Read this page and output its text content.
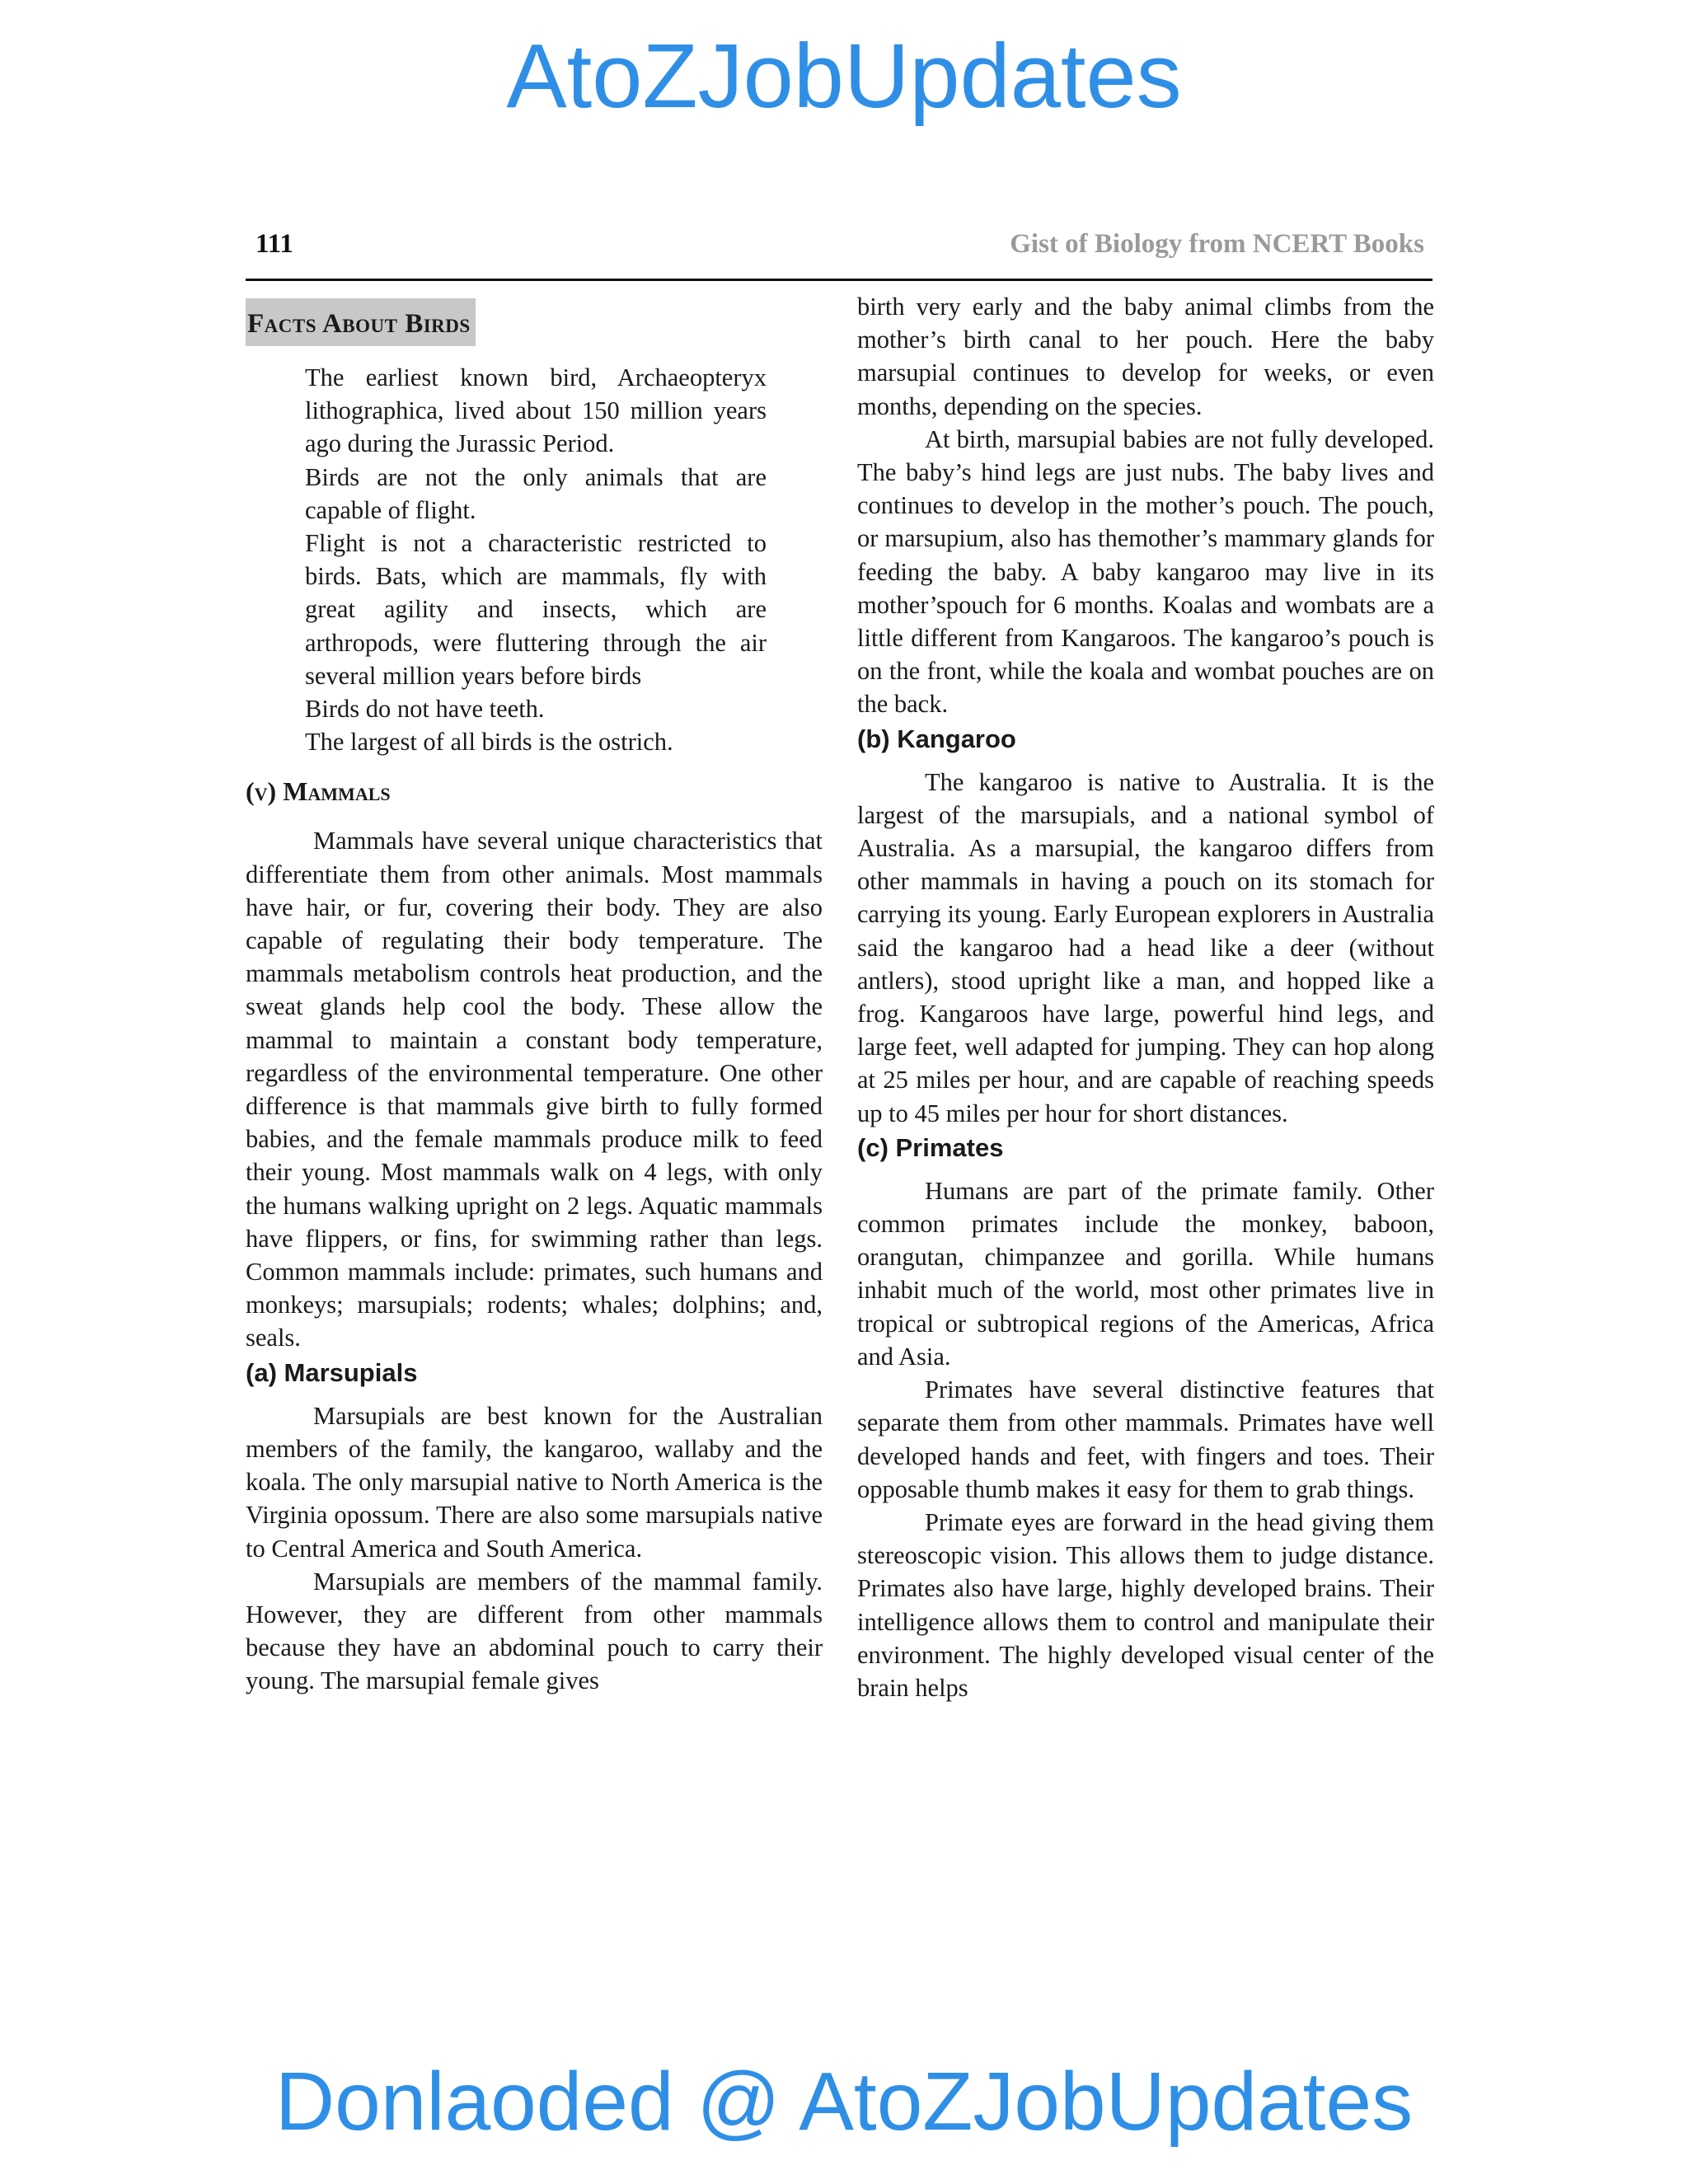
AtoZJobUpdates
111	Gist of Biology from NCERT Books
Facts About Birds
The earliest known bird, Archaeopteryx lithographica, lived about 150 million years ago during the Jurassic Period.
Birds are not the only animals that are capable of flight.
Flight is not a characteristic restricted to birds. Bats, which are mammals, fly with great agility and insects, which are arthropods, were fluttering through the air several million years before birds
Birds do not have teeth.
The largest of all birds is the ostrich.
(v) Mammals

Mammals have several unique characteristics that differentiate them from other animals. Most mammals have hair, or fur, covering their body. They are also capable of regulating their body temperature. The mammals metabolism controls heat production, and the sweat glands help cool the body. These allow the mammal to maintain a constant body temperature, regardless of the environmental temperature. One other difference is that mammals give birth to fully formed babies, and the female mammals produce milk to feed their young. Most mammals walk on 4 legs, with only the humans walking upright on 2 legs. Aquatic mammals have flippers, or fins, for swimming rather than legs. Common mammals include: primates, such humans and monkeys; marsupials; rodents; whales; dolphins; and, seals.

(a) Marsupials

Marsupials are best known for the Australian members of the family, the kangaroo, wallaby and the koala. The only marsupial native to North America is the Virginia opossum. There are also some marsupials native to Central America and South America.

Marsupials are members of the mammal family. However, they are different from other mammals because they have an abdominal pouch to carry their young. The marsupial female gives

birth very early and the baby animal climbs from the mother’s birth canal to her pouch. Here the baby marsupial continues to develop for weeks, or even months, depending on the species.

At birth, marsupial babies are not fully developed. The baby’s hind legs are just nubs. The baby lives and continues to develop in the mother’s pouch. The pouch, or marsupium, also has themother’s mammary glands for feeding the baby. A baby kangaroo may live in its mother’spouch for 6 months. Koalas and wombats are a little different from Kangaroos. The kangaroo’s pouch is on the front, while the koala and wombat pouches are on the back.

(b) Kangaroo

The kangaroo is native to Australia. It is the largest of the marsupials, and a national symbol of Australia. As a marsupial, the kangaroo differs from other mammals in having a pouch on its stomach for carrying its young. Early European explorers in Australia said the kangaroo had a head like a deer (without antlers), stood upright like a man, and hopped like a frog. Kangaroos have large, powerful hind legs, and large feet, well adapted for jumping. They can hop along at 25 miles per hour, and are capable of reaching speeds up to 45 miles per hour for short distances.

(c) Primates

Humans are part of the primate family. Other common primates include the monkey, baboon, orangutan, chimpanzee and gorilla. While humans inhabit much of the world, most other primates live in tropical or subtropical regions of the Americas, Africa and Asia.

Primates have several distinctive features that separate them from other mammals. Primates have well developed hands and feet, with fingers and toes. Their opposable thumb makes it easy for them to grab things.

Primate eyes are forward in the head giving them stereoscopic vision. This allows them to judge distance. Primates also have large, highly developed brains. Their intelligence allows them to control and manipulate their environment. The highly developed visual center of the brain helps

Donlaoded @ AtoZJobUpdates
